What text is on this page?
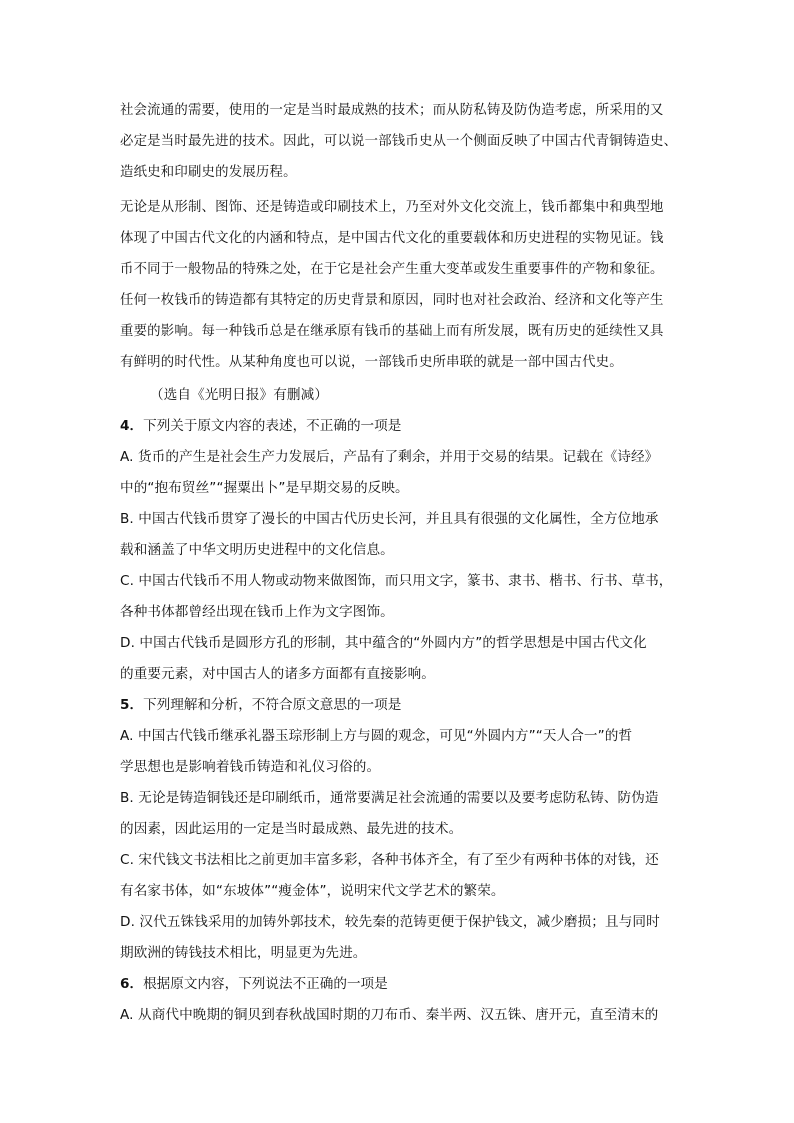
社会流通的需要，使用的一定是当时最成熟的技术；而从防私铸及防伪造考虑，所采用的又
必定是当时最先进的技术。因此，可以说一部钱币史从一个侧面反映了中国古代青铜铸造史、
造纸史和印刷史的发展历程。
无论是从形制、图饰、还是铸造或印刷技术上，乃至对外文化交流上，钱币都集中和典型地
体现了中国古代文化的内涵和特点，是中国古代文化的重要载体和历史进程的实物见证。钱
币不同于一般物品的特殊之处，在于它是社会产生重大变革或发生重要事件的产物和象征。
任何一枚钱币的铸造都有其特定的历史背景和原因，同时也对社会政治、经济和文化等产生
重要的影响。每一种钱币总是在继承原有钱币的基础上而有所发展，既有历史的延续性又具
有鲜明的时代性。从某种角度也可以说，一部钱币史所串联的就是一部中国古代史。
（选自《光明日报》有删减）
4．下列关于原文内容的表述，不正确的一项是
A. 货币的产生是社会生产力发展后，产品有了剩余，并用于交易的结果。记载在《诗经》
中的“抱布贸丝”“握粟出卜”是早期交易的反映。
B. 中国古代钱币贯穿了漫长的中国古代历史长河，并且具有很强的文化属性，全方位地承
载和涵盖了中华文明历史进程中的文化信息。
C. 中国古代钱币不用人物或动物来做图饰，而只用文字，篆书、隶书、楷书、行书、草书，
各种书体都曾经出现在钱币上作为文字图饰。
D. 中国古代钱币是圆形方孔的形制，其中蕴含的“外圆内方”的哲学思想是中国古代文化
的重要元素，对中国古人的诸多方面都有直接影响。
5．下列理解和分析，不符合原文意思的一项是
A. 中国古代钱币继承礼器玉琮形制上方与圆的观念，可见“外圆内方”“天人合一”的哲
学思想也是影响着钱币铸造和礼仪习俗的。
B. 无论是铸造铜钱还是印刷纸币，通常要满足社会流通的需要以及要考虑防私铸、防伪造
的因素，因此运用的一定是当时最成熟、最先进的技术。
C. 宋代钱文书法相比之前更加丰富多彩，各种书体齐全，有了至少有两种书体的对钱，还
有名家书体，如“东坡体”“瘦金体”，说明宋代文学艺术的繁荣。
D. 汉代五铢钱采用的加铸外郭技术，较先秦的范铸更便于保护钱文，减少磨损；且与同时
期欧洲的铸钱技术相比，明显更为先进。
6．根据原文内容，下列说法不正确的一项是
A. 从商代中晚期的铜贝到春秋战国时期的刀布币、秦半两、汉五铢、唐开元，直至清末的
